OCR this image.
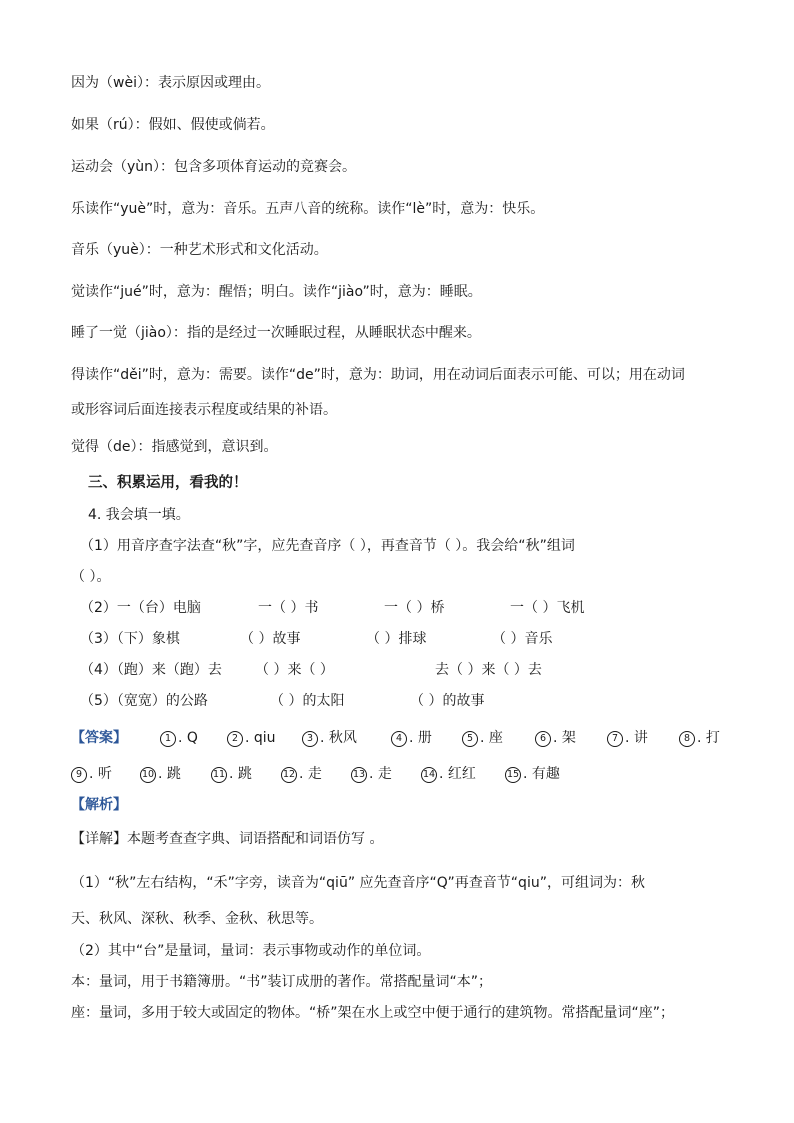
因为（wèi）：表示原因或理由。
如果（rú）：假如、假使或倘若。
运动会（yùn）：包含多项体育运动的竞赛会。
乐读作“yuè”时，意为：音乐。五声八音的统称。读作“lè”时，意为：快乐。
音乐（yuè）：一种艺术形式和文化活动。
觉读作“jué”时，意为：醒悟；明白。读作“jiào”时，意为：睡眠。
睡了一觉（jiào）：指的是经过一次睡眠过程，从睡眠状态中醒来。
得读作“děi”时，意为：需要。读作“de”时，意为：助词，用在动词后面表示可能、可以；用在动词
或形容词后面连接表示程度或结果的补语。
觉得（de）：指感觉到，意识到。
三、积累运用，看我的！
4. 我会填一填。
（1）用音序查字法查“秋”字，应先查音序（ ），再查音节（ ）。我会给“秋”组词
（ ）。
（2）一（台）电脑	一（ ）书	一（ ）桥	一（ ）飞机
（3）（下）象棋	（ ）故事	（ ）排球	（ ）音乐
（4）（跑）来（跑）去 （ ）来（ ）	去（ ）来（ ）去
（5）（宽宽）的公路	（ ）的太阳	（ ）的故事
【答案】	1 . Q	2 . qiu	3 . 秋风	4 . 册	5 . 座	6 . 架	7 . 讲	8 . 打
9 . 听	10 . 跳	11 . 跳	12 . 走	13 . 走	14 . 红红	15 . 有趣
【解析】
【详解】本题考查查字典、词语搭配和词语仿写 。
（1）“秋”左右结构，“禾”字旁，读音为“qiū” 应先查音序“Q”再查音节“qiu”，可组词为：秋
天、秋风、深秋、秋季、金秋、秋思等。
（2）其中“台”是量词，量词：表示事物或动作的单位词。
本：量词，用于书籍簿册。“书”装订成册的著作。常搭配量词“本”；
座：量词，多用于较大或固定的物体。“桥”架在水上或空中便于通行的建筑物。常搭配量词“座”；
